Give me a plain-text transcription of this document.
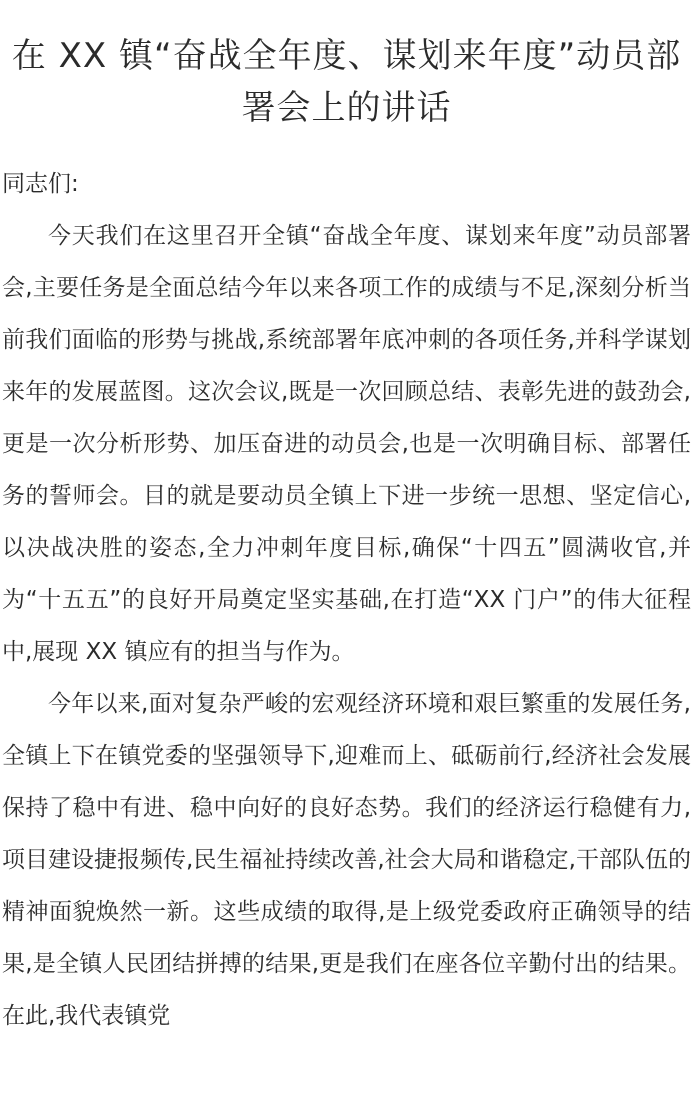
在 XX 镇“奋战全年度、谋划来年度”动员部署会上的讲话

同志们:

今天我们在这里召开全镇“奋战全年度、谋划来年度”动员部署会,主要任务是全面总结今年以来各项工作的成绩与不足,深刻分析当前我们面临的形势与挑战,系统部署年底冲刺的各项任务,并科学谋划来年的发展蓝图。这次会议,既是一次回顾总结、表彰先进的鼓劲会,更是一次分析形势、加压奋进的动员会,也是一次明确目标、部署任务的誓师会。目的就是要动员全镇上下进一步统一思想、坚定信心,以决战决胜的姿态,全力冲刺年度目标,确保“十四五”圆满收官,并为“十五五”的良好开局奠定坚实基础,在打造“XX 门户”的伟大征程中,展现 XX 镇应有的担当与作为。

今年以来,面对复杂严峻的宏观经济环境和艰巨繁重的发展任务,全镇上下在镇党委的坚强领导下,迎难而上、砥砺前行,经济社会发展保持了稳中有进、稳中向好的良好态势。我们的经济运行稳健有力,项目建设捷报频传,民生福祉持续改善,社会大局和谐稳定,干部队伍的精神面貌焕然一新。这些成绩的取得,是上级党委政府正确领导的结果,是全镇人民团结拼搏的结果,更是我们在座各位辛勤付出的结果。在此,我代表镇党
